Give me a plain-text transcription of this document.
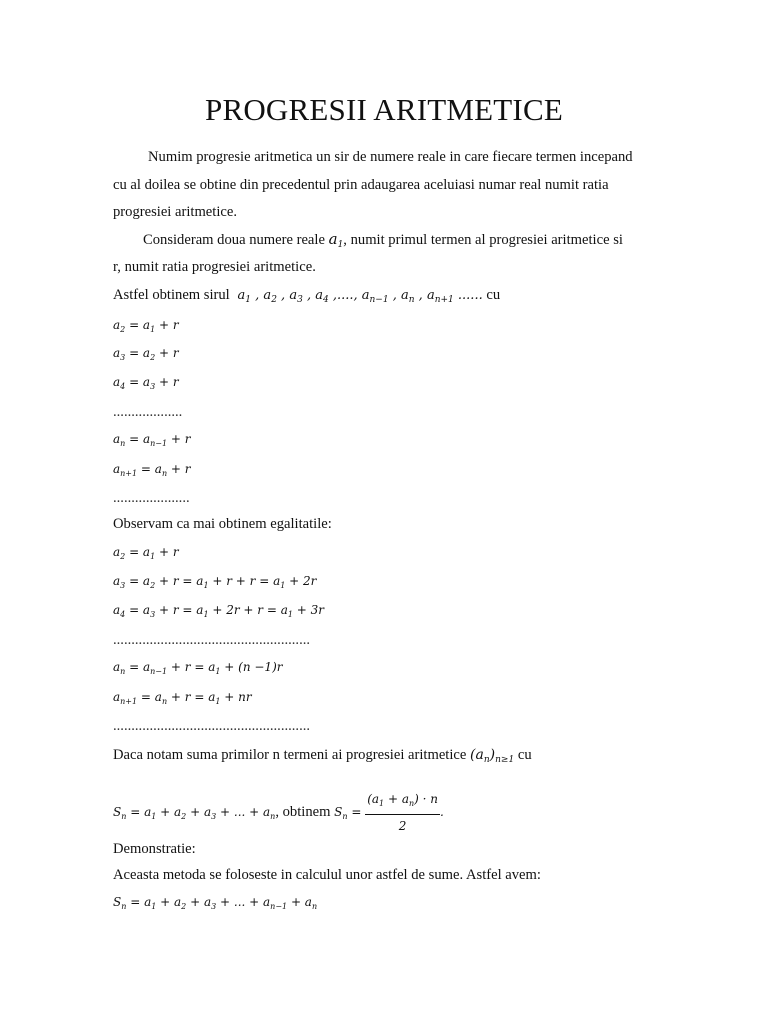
PROGRESII ARITMETICE
Numim progresie aritmetica un sir de numere reale in care fiecare termen incepand
cu al doilea se obtine din precedentul prin adaugarea aceluiasi numar real numit ratia
progresiei aritmetice.
Consideram doua numere reale $a_1$, numit primul termen al progresiei aritmetice si
r, numit ratia progresiei aritmetice.
Astfel obtinem sirul  $a_1$ , $a_2$ , $a_3$ , $a_4$ ,...., $a_{n-1}$ , $a_n$ , $a_{n+1}$ ...... cu
$a_2 = a_1 + r$
$a_3 = a_2 + r$
$a_4 = a_3 + r$
...................
$a_n = a_{n-1} + r$
$a_{n+1} = a_n + r$
.....................
Observam ca mai obtinem egalitatile:
$a_2 = a_1 + r$
$a_3 = a_2 + r = a_1 + r + r = a_1 + 2r$
$a_4 = a_3 + r = a_1 + 2r + r = a_1 + 3r$
......................................................
$a_n = a_{n-1} + r = a_1 + (n -1)r$
$a_{n+1} = a_n + r = a_1$ + nr
......................................................
Daca notam suma primilor n termeni ai progresiei aritmetice $(a_n)_{n\ge 1}$ cu
$S_n = a_1 + a_2 + a_3$ + ... + $a_n$, obtinem $S_n = \frac{(a_1 + a_n) \cdot n}{2}$ .
Demonstratie:
Aceasta metoda se foloseste in calculul unor astfel de sume. Astfel avem:
$S_n = a_1 + a_2 + a_3$ + ... + $a_{n-1} + a_n$
